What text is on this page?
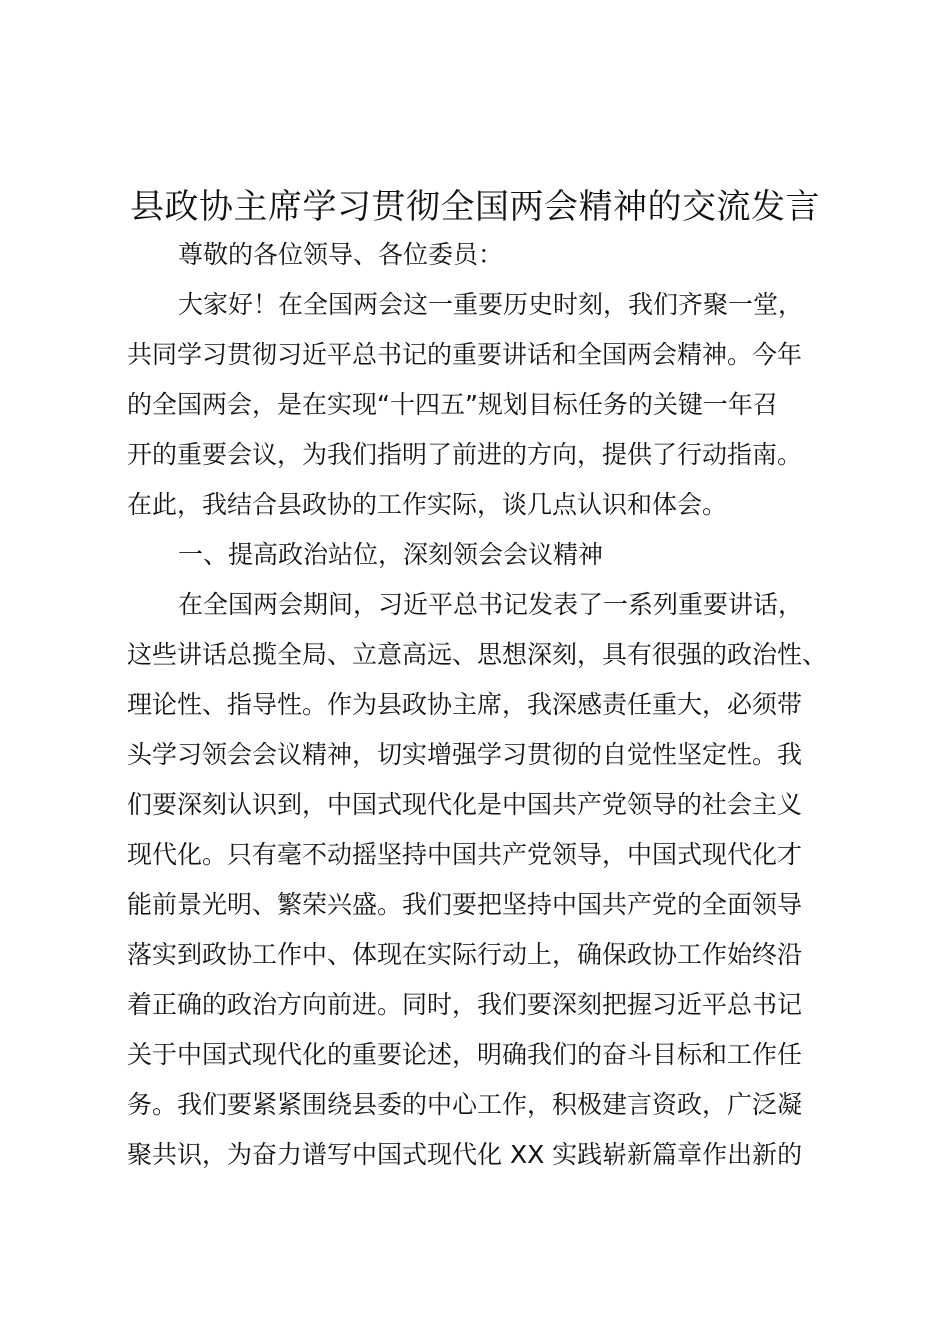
县政协主席学习贯彻全国两会精神的交流发言
尊敬的各位领导、各位委员：
大家好！在全国两会这一重要历史时刻，我们齐聚一堂，
共同学习贯彻习近平总书记的重要讲话和全国两会精神。今年
的全国两会，是在实现“十四五”规划目标任务的关键一年召
开的重要会议，为我们指明了前进的方向，提供了行动指南。
在此，我结合县政协的工作实际，谈几点认识和体会。
一、提高政治站位，深刻领会会议精神
在全国两会期间，习近平总书记发表了一系列重要讲话，
这些讲话总揽全局、立意高远、思想深刻，具有很强的政治性、
理论性、指导性。作为县政协主席，我深感责任重大，必须带
头学习领会会议精神，切实增强学习贯彻的自觉性坚定性。我
们要深刻认识到，中国式现代化是中国共产党领导的社会主义
现代化。只有毫不动摇坚持中国共产党领导，中国式现代化才
能前景光明、繁荣兴盛。我们要把坚持中国共产党的全面领导
落实到政协工作中、体现在实际行动上，确保政协工作始终沿
着正确的政治方向前进。同时，我们要深刻把握习近平总书记
关于中国式现代化的重要论述，明确我们的奋斗目标和工作任
务。我们要紧紧围绕县委的中心工作，积极建言资政，广泛凝
聚共识，为奋力谱写中国式现代化 XX 实践崭新篇章作出新的
